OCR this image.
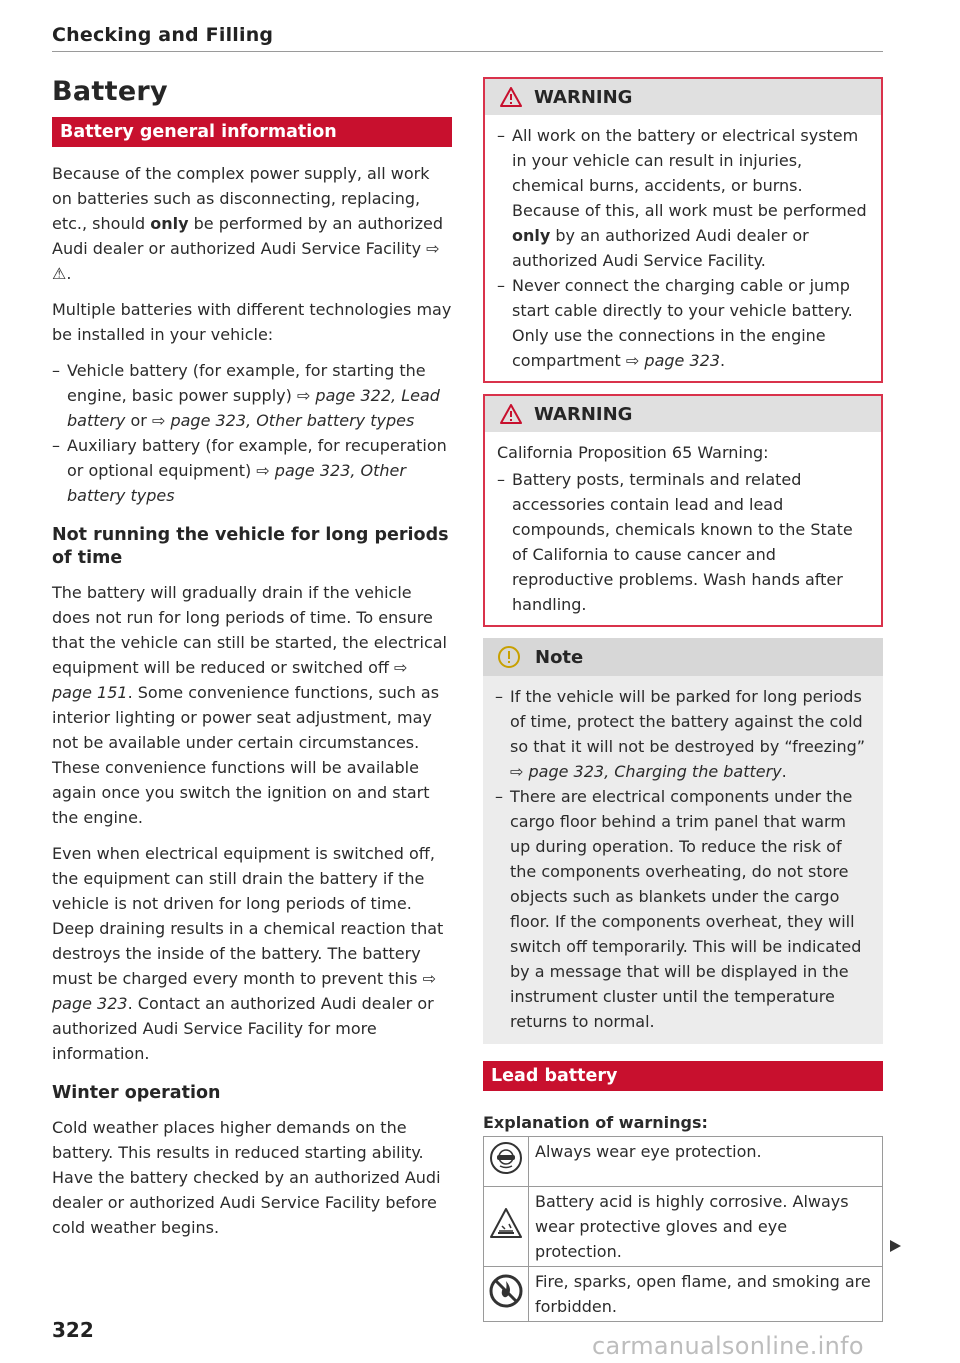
Checking and Filling
Battery
Battery general information

Because of the complex power supply, all work on batteries such as disconnecting, replacing, etc., should only be performed by an authorized Audi dealer or authorized Audi Service Facility ⇨ ⚠.

Multiple batteries with different technologies may be installed in your vehicle:

– Vehicle battery (for example, for starting the engine, basic power supply) ⇨ page 322, Lead battery or ⇨ page 323, Other battery types
– Auxiliary battery (for example, for recuperation or optional equipment) ⇨ page 323, Other battery types
Not running the vehicle for long periods of time

The battery will gradually drain if the vehicle does not run for long periods of time. To ensure that the vehicle can still be started, the electrical equipment will be reduced or switched off ⇨ page 151. Some convenience functions, such as interior lighting or power seat adjustment, may not be available under certain circumstances. These convenience functions will be available again once you switch the ignition on and start the engine.

Even when electrical equipment is switched off, the equipment can still drain the battery if the vehicle is not driven for long periods of time. Deep draining results in a chemical reaction that destroys the inside of the battery. The battery must be charged every month to prevent this ⇨ page 323. Contact an authorized Audi dealer or authorized Audi Service Facility for more information.

Winter operation

Cold weather places higher demands on the battery. This results in reduced starting ability. Have the battery checked by an authorized Audi dealer or authorized Audi Service Facility before cold weather begins.

WARNING
– All work on the battery or electrical system in your vehicle can result in injuries, chemical burns, accidents, or burns. Because of this, all work must be performed only by an authorized Audi dealer or authorized Audi Service Facility.
– Never connect the charging cable or jump start cable directly to your vehicle battery. Only use the connections in the engine compartment ⇨ page 323.
WARNING

California Proposition 65 Warning:

– Battery posts, terminals and related accessories contain lead and lead compounds, chemicals known to the State of California to cause cancer and reproductive problems. Wash hands after handling.
Note
– If the vehicle will be parked for long periods of time, protect the battery against the cold so that it will not be destroyed by “freezing” ⇨ page 323, Charging the battery.
– There are electrical components under the cargo floor behind a trim panel that warm up during operation. To reduce the risk of the components overheating, do not store objects such as blankets under the cargo floor. If the components overheat, they will switch off temporarily. This will be indicated by a message that will be displayed in the instrument cluster until the temperature returns to normal.
Lead battery
Explanation of warnings:
	Always wear eye protection.
	Battery acid is highly corrosive. Always wear protective gloves and eye protection.
	Fire, sparks, open flame, and smoking are forbidden.
322
carmanualsonline.info
